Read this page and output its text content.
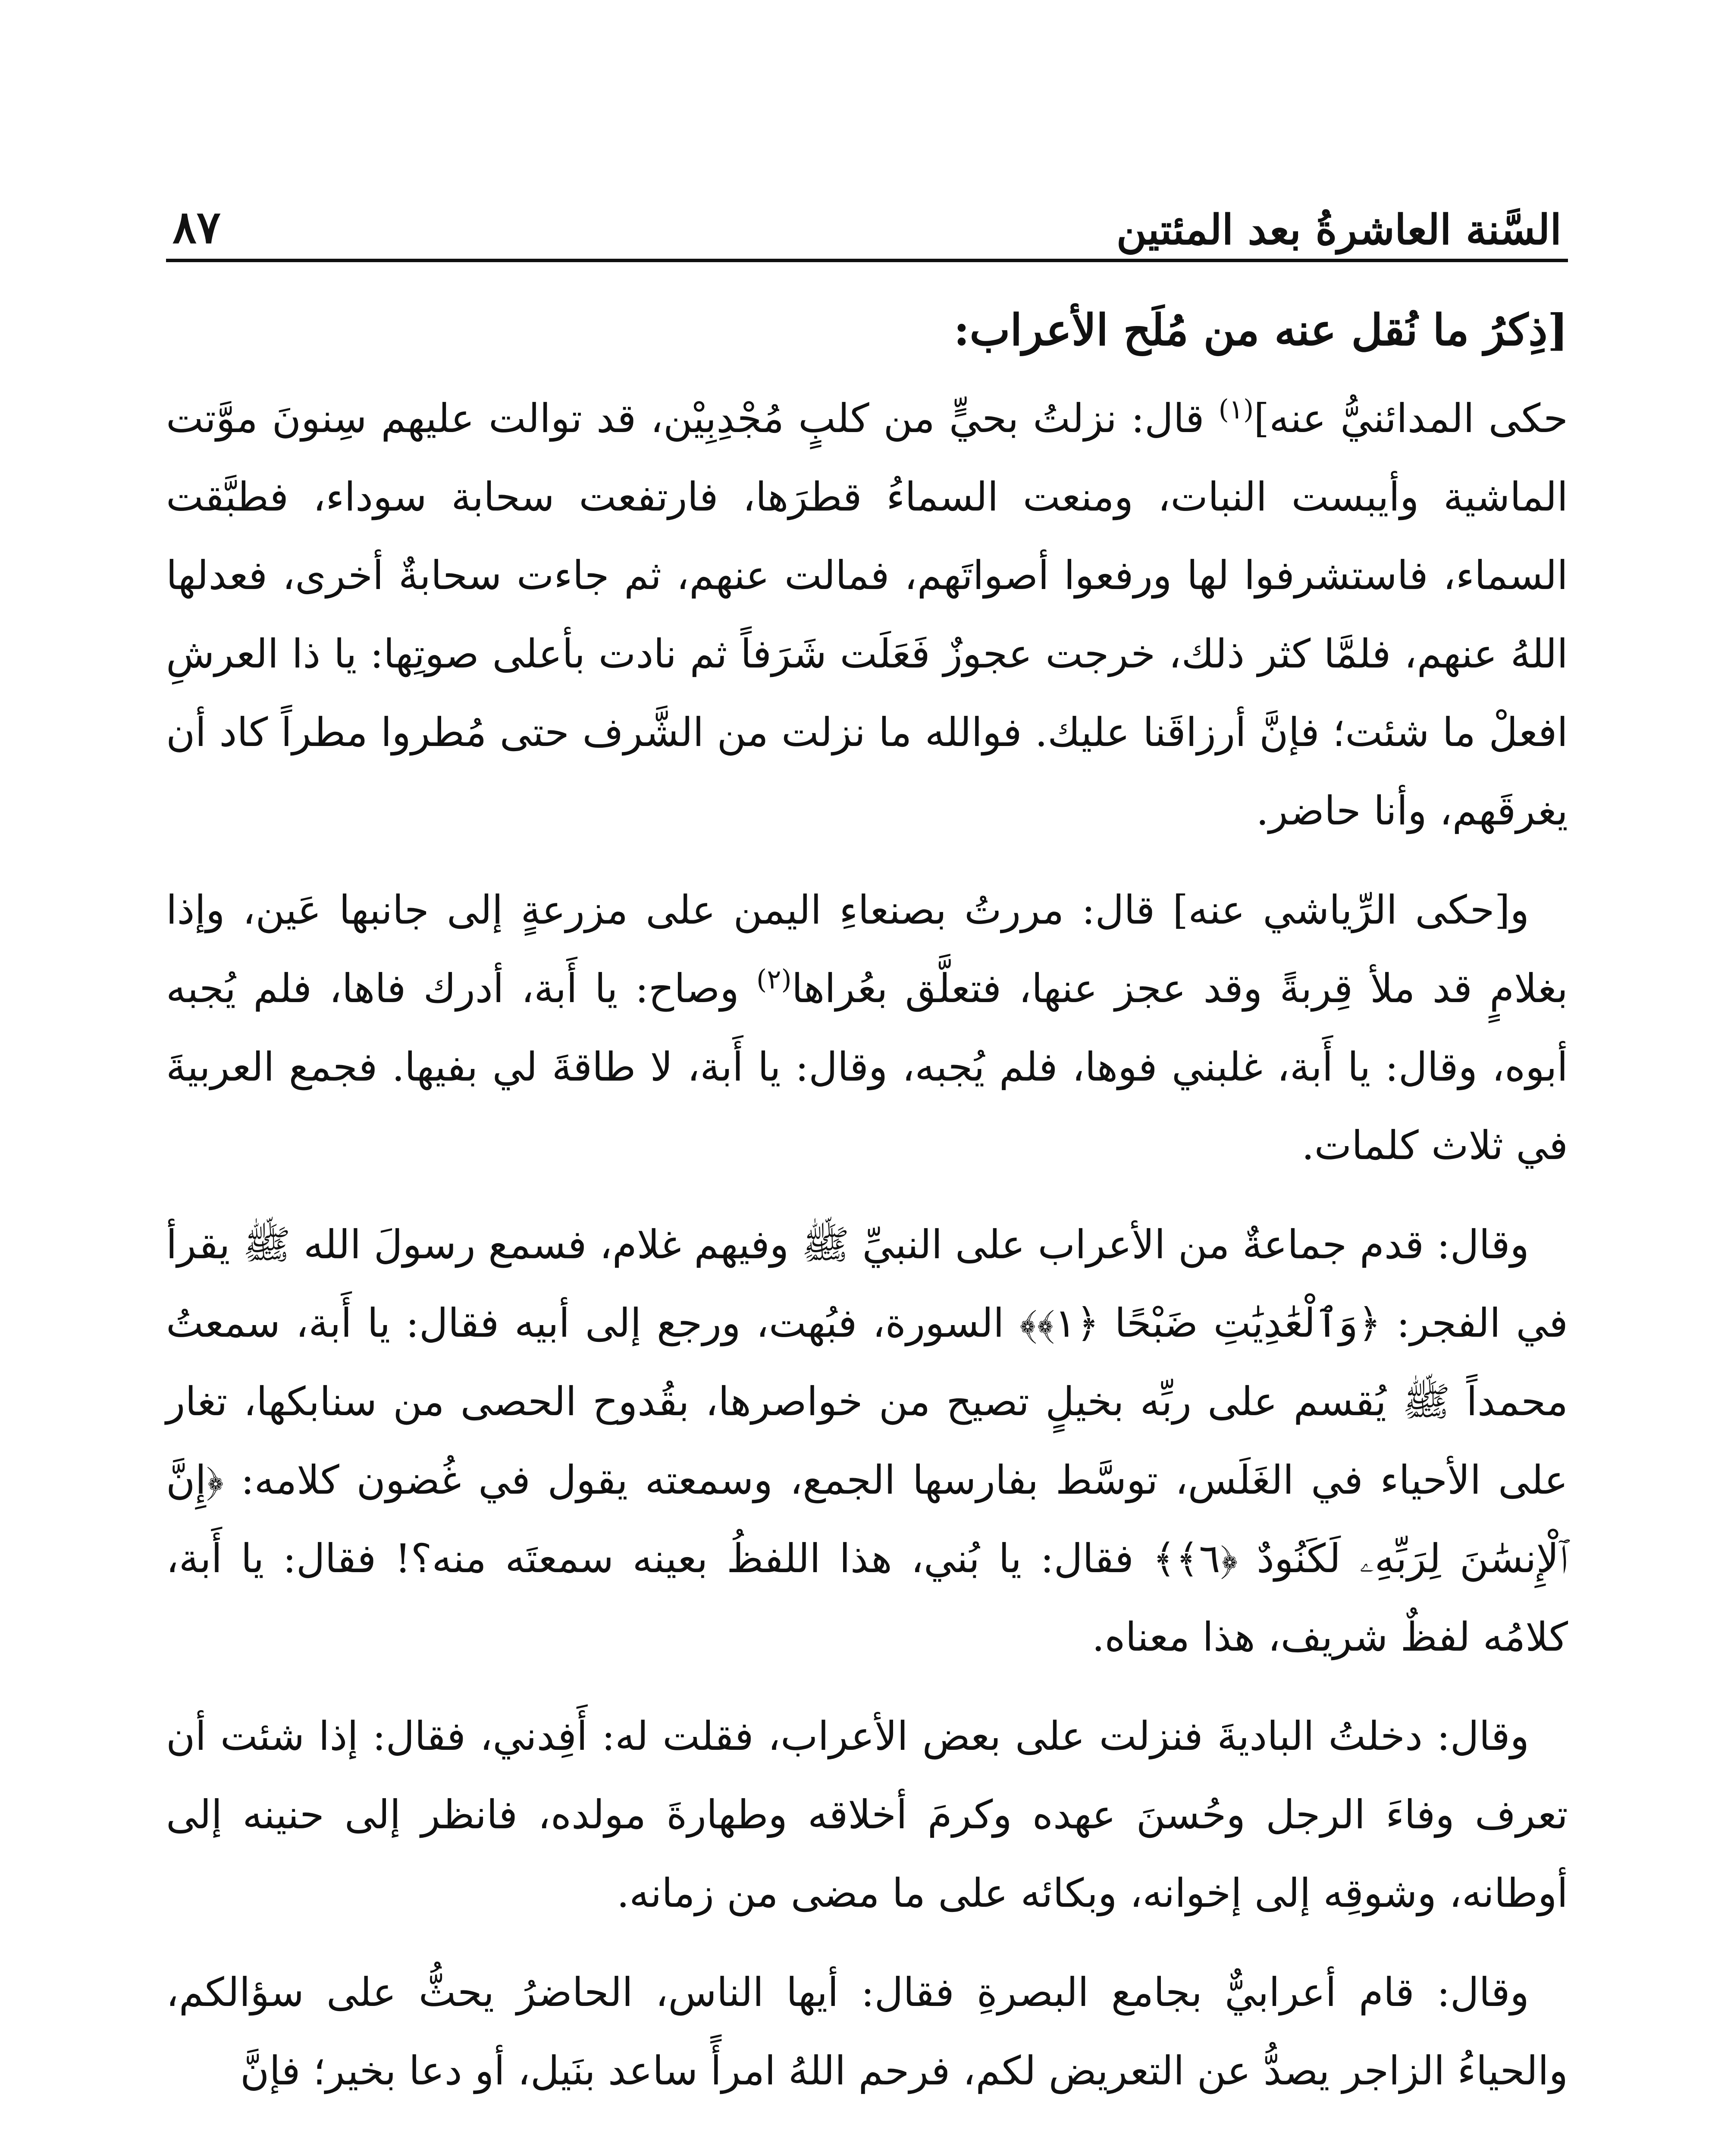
السَّنة العاشرةُ بعد المئتين
٨٧

[ذِكرُ ما نُقل عنه من مُلَح الأعراب:

حكى المدائنيُّ عنه]$^{(١)}$ قال: نزلتُ بحيٍّ من كلبٍ مُجْدِبِيْن، قد توالت عليهم سِنونَ موَّتت الماشية وأيبست النبات، ومنعت السماءُ قطرَها، فارتفعت سحابة سوداء، فطبَّقت السماء، فاستشرفوا لها ورفعوا أصواتَهم، فمالت عنهم، ثم جاءت سحابةٌ أخرى، فعدلها اللهُ عنهم، فلمَّا كثر ذلك، خرجت عجوزٌ فَعَلَت شَرَفاً ثم نادت بأعلى صوتِها: يا ذا العرشِ افعلْ ما شئت؛ فإنَّ أرزاقَنا عليك. فوالله ما نزلت من الشَّرف حتى مُطروا مطراً كاد أن يغرقَهم، وأنا حاضر.

و[حكى الرِّياشي عنه] قال: مررتُ بصنعاءِ اليمن على مزرعةٍ إلى جانبها عَين، وإذا بغلامٍ قد ملأ قِربةً وقد عجز عنها، فتعلَّق بعُراها$^{(٢)}$ وصاح: يا أَبة، أدرك فاها، فلم يُجبه أبوه، وقال: يا أَبة، غلبني فوها، فلم يُجبه، وقال: يا أَبة، لا طاقةَ لي بفيها. فجمع العربيةَ في ثلاث كلمات.

وقال: قدم جماعةٌ من الأعراب على النبيِّ ﷺ وفيهم غلام، فسمع رسولَ الله ﷺ يقرأ في الفجر: ﴿وَٱلْعَٰدِيَٰتِ ضَبْحًا ﴿١﴾﴾ السورة، فبُهت، ورجع إلى أبيه فقال: يا أَبة، سمعتُ محمداً ﷺ يُقسم على ربِّه بخيلٍ تصيح من خواصرها، بقُدوح الحصى من سنابكها، تغار على الأحياء في الغَلَس، توسَّط بفارسها الجمع، وسمعته يقول في غُضون كلامه: ﴿إِنَّ ٱلْإِنسَٰنَ لِرَبِّهِۦ لَكَنُودٌ ﴿٦﴾﴾ فقال: يا بُني، هذا اللفظُ بعينه سمعتَه منه؟! فقال: يا أَبة، كلامُه لفظٌ شريف، هذا معناه.

وقال: دخلتُ الباديةَ فنزلت على بعض الأعراب، فقلت له: أَفِدني، فقال: إذا شئت أن تعرف وفاءَ الرجل وحُسنَ عهده وكرمَ أخلاقه وطهارةَ مولده، فانظر إلى حنينه إلى أوطانه، وشوقِه إلى إخوانه، وبكائه على ما مضى من زمانه.

وقال: قام أعرابيٌّ بجامع البصرةِ فقال: أيها الناس، الحاضرُ يحثُّ على سؤالكم، والحياءُ الزاجر يصدُّ عن التعريض لكم، فرحم اللهُ امرأً ساعد بنَيل، أو دعا بخير؛ فإنَّ
